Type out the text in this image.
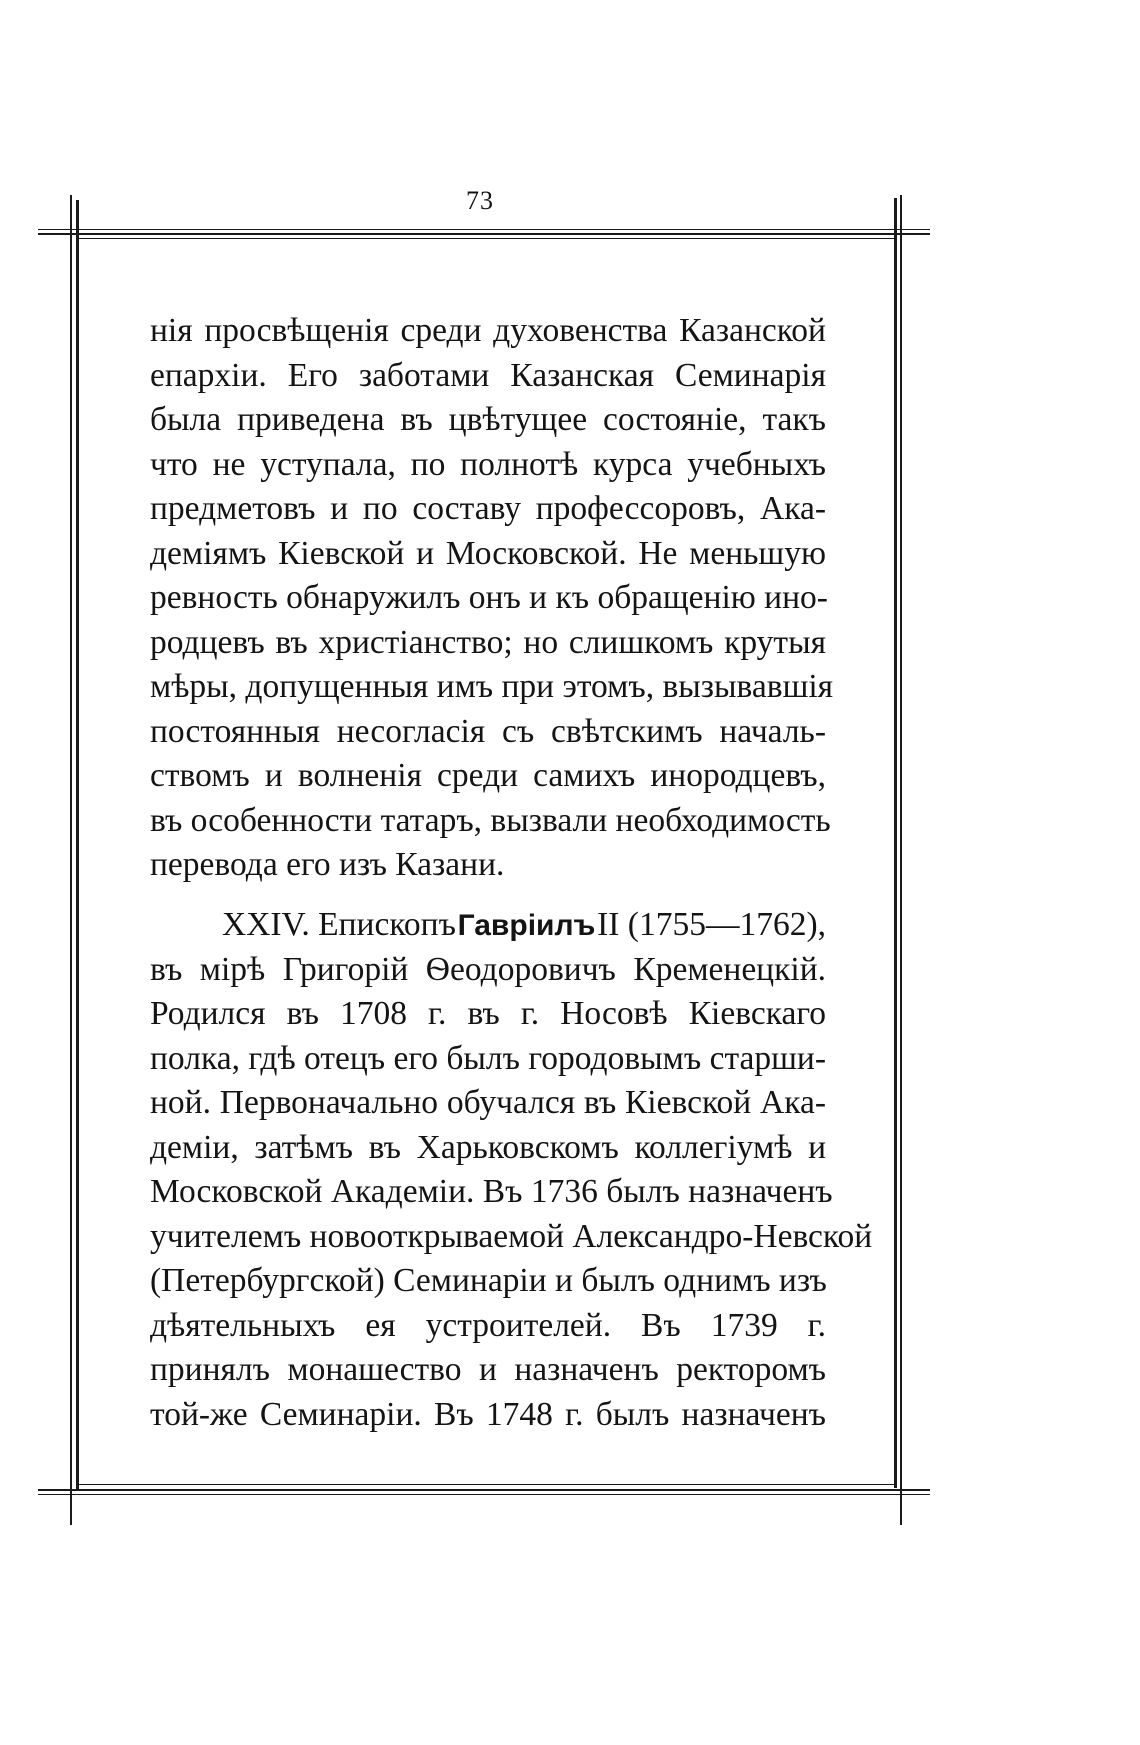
73
нія просвѣщенія среди духовенства Казанской
епархіи. Его заботами Казанская Семинарія
была приведена въ цвѣтущее состояніе, такъ
что не уступала, по полнотѣ курса учебныхъ
предметовъ и по составу профессоровъ, Ака-
деміямъ Кіевской и Московской. Не меньшую
ревность обнаружилъ онъ и къ обращенію ино-
родцевъ въ христіанство; но слишкомъ крутыя
мѣры, допущенныя имъ при этомъ, вызывавшія
постоянныя несогласія съ свѣтскимъ началь-
ствомъ и волненія среди самихъ инородцевъ,
въ особенности татаръ, вызвали необходимость
перевода его изъ Казани.
XXIV. Епископъ Гавріилъ II (1755—1762),
въ мірѣ Григорій Ѳеодоровичъ Кременецкій.
Родился въ 1708 г. въ г. Носовѣ Кіевскаго
полка, гдѣ отецъ его былъ городовымъ старши-
ной. Первоначально обучался въ Кіевской Ака-
деміи, затѣмъ въ Харьковскомъ коллегіумѣ и
Московской Академіи. Въ 1736 былъ назначенъ
учителемъ новооткрываемой Александро-Невской
(Петербургской) Семинаріи и былъ однимъ изъ
дѣятельныхъ ея устроителей. Въ 1739 г.
принялъ монашество и назначенъ ректоромъ
той-же Семинаріи. Въ 1748 г. былъ назначенъ
